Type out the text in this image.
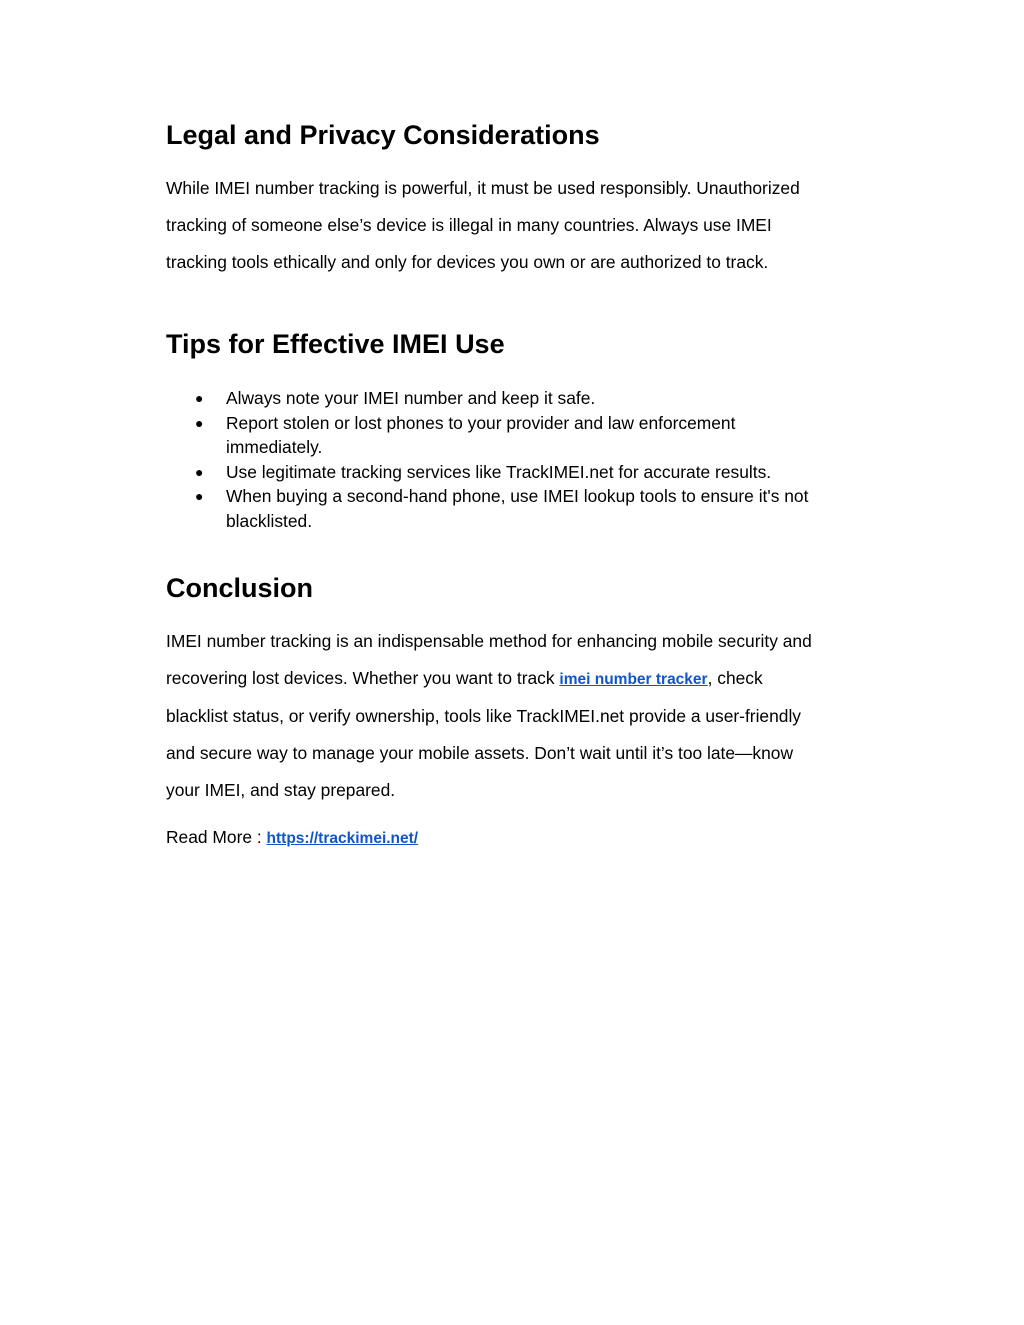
Legal and Privacy Considerations
While IMEI number tracking is powerful, it must be used responsibly. Unauthorized
tracking of someone else’s device is illegal in many countries. Always use IMEI
tracking tools ethically and only for devices you own or are authorized to track.
Tips for Effective IMEI Use
● Always note your IMEI number and keep it safe.
● Report stolen or lost phones to your provider and law enforcement
immediately.
● Use legitimate tracking services like TrackIMEI.net for accurate results.
● When buying a second-hand phone, use IMEI lookup tools to ensure it's not
blacklisted.
Conclusion
IMEI number tracking is an indispensable method for enhancing mobile security and
recovering lost devices. Whether you want to track imei number tracker, check
blacklist status, or verify ownership, tools like TrackIMEI.net provide a user-friendly
and secure way to manage your mobile assets. Don’t wait until it’s too late—know
your IMEI, and stay prepared.
Read More : https://trackimei.net/
